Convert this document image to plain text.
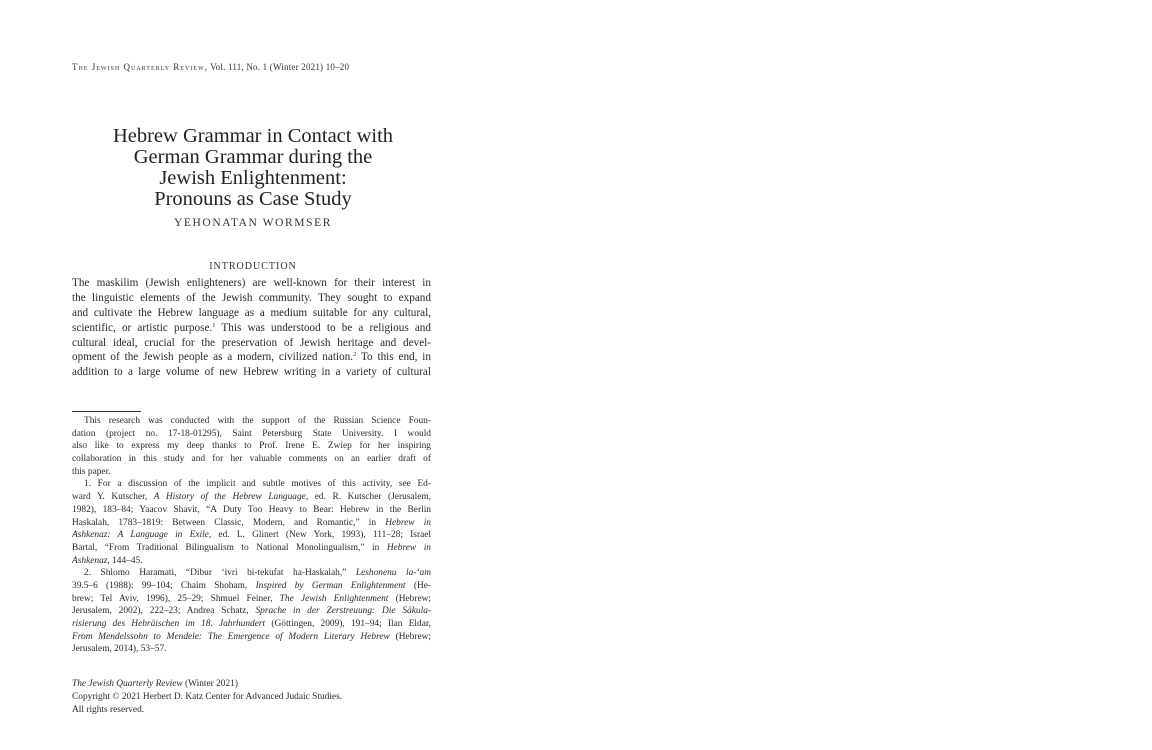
The Jewish Quarterly Review, Vol. 111, No. 1 (Winter 2021) 10–20
Hebrew Grammar in Contact with
German Grammar during the
Jewish Enlightenment:
Pronouns as Case Study
YEHONATAN WORMSER
INTRODUCTION
The maskilim (Jewish enlighteners) are well-known for their interest in
the linguistic elements of the Jewish community. They sought to expand
and cultivate the Hebrew language as a medium suitable for any cultural,
scientific, or artistic purpose.$^1$ This was understood to be a religious and
cultural ideal, crucial for the preservation of Jewish heritage and devel-
opment of the Jewish people as a modern, civilized nation.$^2$ To this end, in
addition to a large volume of new Hebrew writing in a variety of cultural
This research was conducted with the support of the Russian Science Foun-
dation (project no. 17-18-01295), Saint Petersburg State University. I would
also like to express my deep thanks to Prof. Irene E. Zwiep for her inspiring
collaboration in this study and for her valuable comments on an earlier draft of
this paper.
1. For a discussion of the implicit and subtle motives of this activity, see Ed-
ward Y. Kutscher, A History of the Hebrew Language, ed. R. Kutscher (Jerusalem,
1982), 183–84; Yaacov Shavit, “A Duty Too Heavy to Bear: Hebrew in the Berlin
Haskalah, 1783–1819: Between Classic, Modern, and Romantic,” in Hebrew in
Ashkenaz: A Language in Exile, ed. L. Glinert (New York, 1993), 111–28; Israel
Bartal, “From Traditional Bilingualism to National Monolingualism,” in Hebrew in
Ashkenaz, 144–45.
2. Shlomo Haramati, “Dibur ‘ivri bi-tekufat ha-Haskalah,” Leshonenu la-‘am
39.5–6 (1988): 99–104; Chaim Shoham, Inspired by German Enlightenment (He-
brew; Tel Aviv, 1996), 25–29; Shmuel Feiner, The Jewish Enlightenment (Hebrew;
Jerusalem, 2002), 222–23; Andrea Schatz, Sprache in der Zerstreuung: Die Säkula-
risierung des Hebräischen im 18. Jahrhundert (Göttingen, 2009), 191–94; Ilan Eldar,
From Mendelssohn to Mendele: The Emergence of Modern Literary Hebrew (Hebrew;
Jerusalem, 2014), 53–57.
The Jewish Quarterly Review (Winter 2021)
Copyright © 2021 Herbert D. Katz Center for Advanced Judaic Studies.
All rights reserved.
